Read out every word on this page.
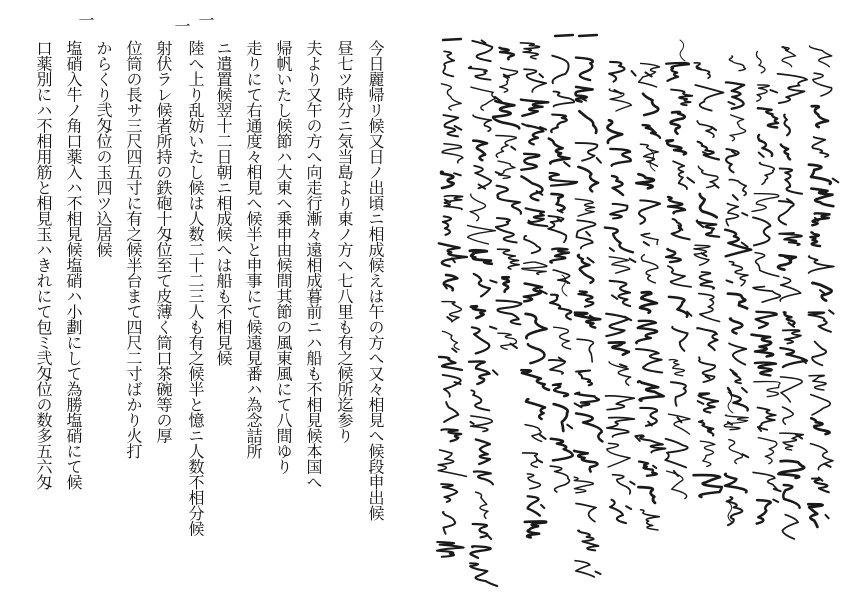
今日麗帰リ候又日ノ出頃ニ相成候えは午の方へ又々相見へ候段申出候
昼七ツ時分ニ気当島より東ノ方へ七八里も有之候所迄参り
夫より又午の方へ向走行漸々遠相成暮前ニハ船も不相見候本国へ
帰帆いたし候節ハ大東へ乗申由候間其節の風東風にて八間ゆり
走りにて右通度々相見へ候半と申事にて候遠見番ハ為念詰所
ニ遣置候翌十二日朝ニ相成候へは船も不相見候
一
陸へ上り乱妨いたし候は人数二十二三人も有之候半と憶ニ人数不相分候
一
射伏ラレ候者所持の鉄砲十匁位至て皮薄く筒口茶碗等の厚
位筒の長サ三尺四五寸に有之候半台まて四尺二寸ばかり火打
からくり弐匁位の玉四ツ込居候
一
塩硝入牛ノ角口薬入ハ不相見候塩硝ハ小劃にして為勝塩硝にて候
口薬別にハ不相用筋と相見玉ハきれにて包ミ弐匁位の数多五六匁
